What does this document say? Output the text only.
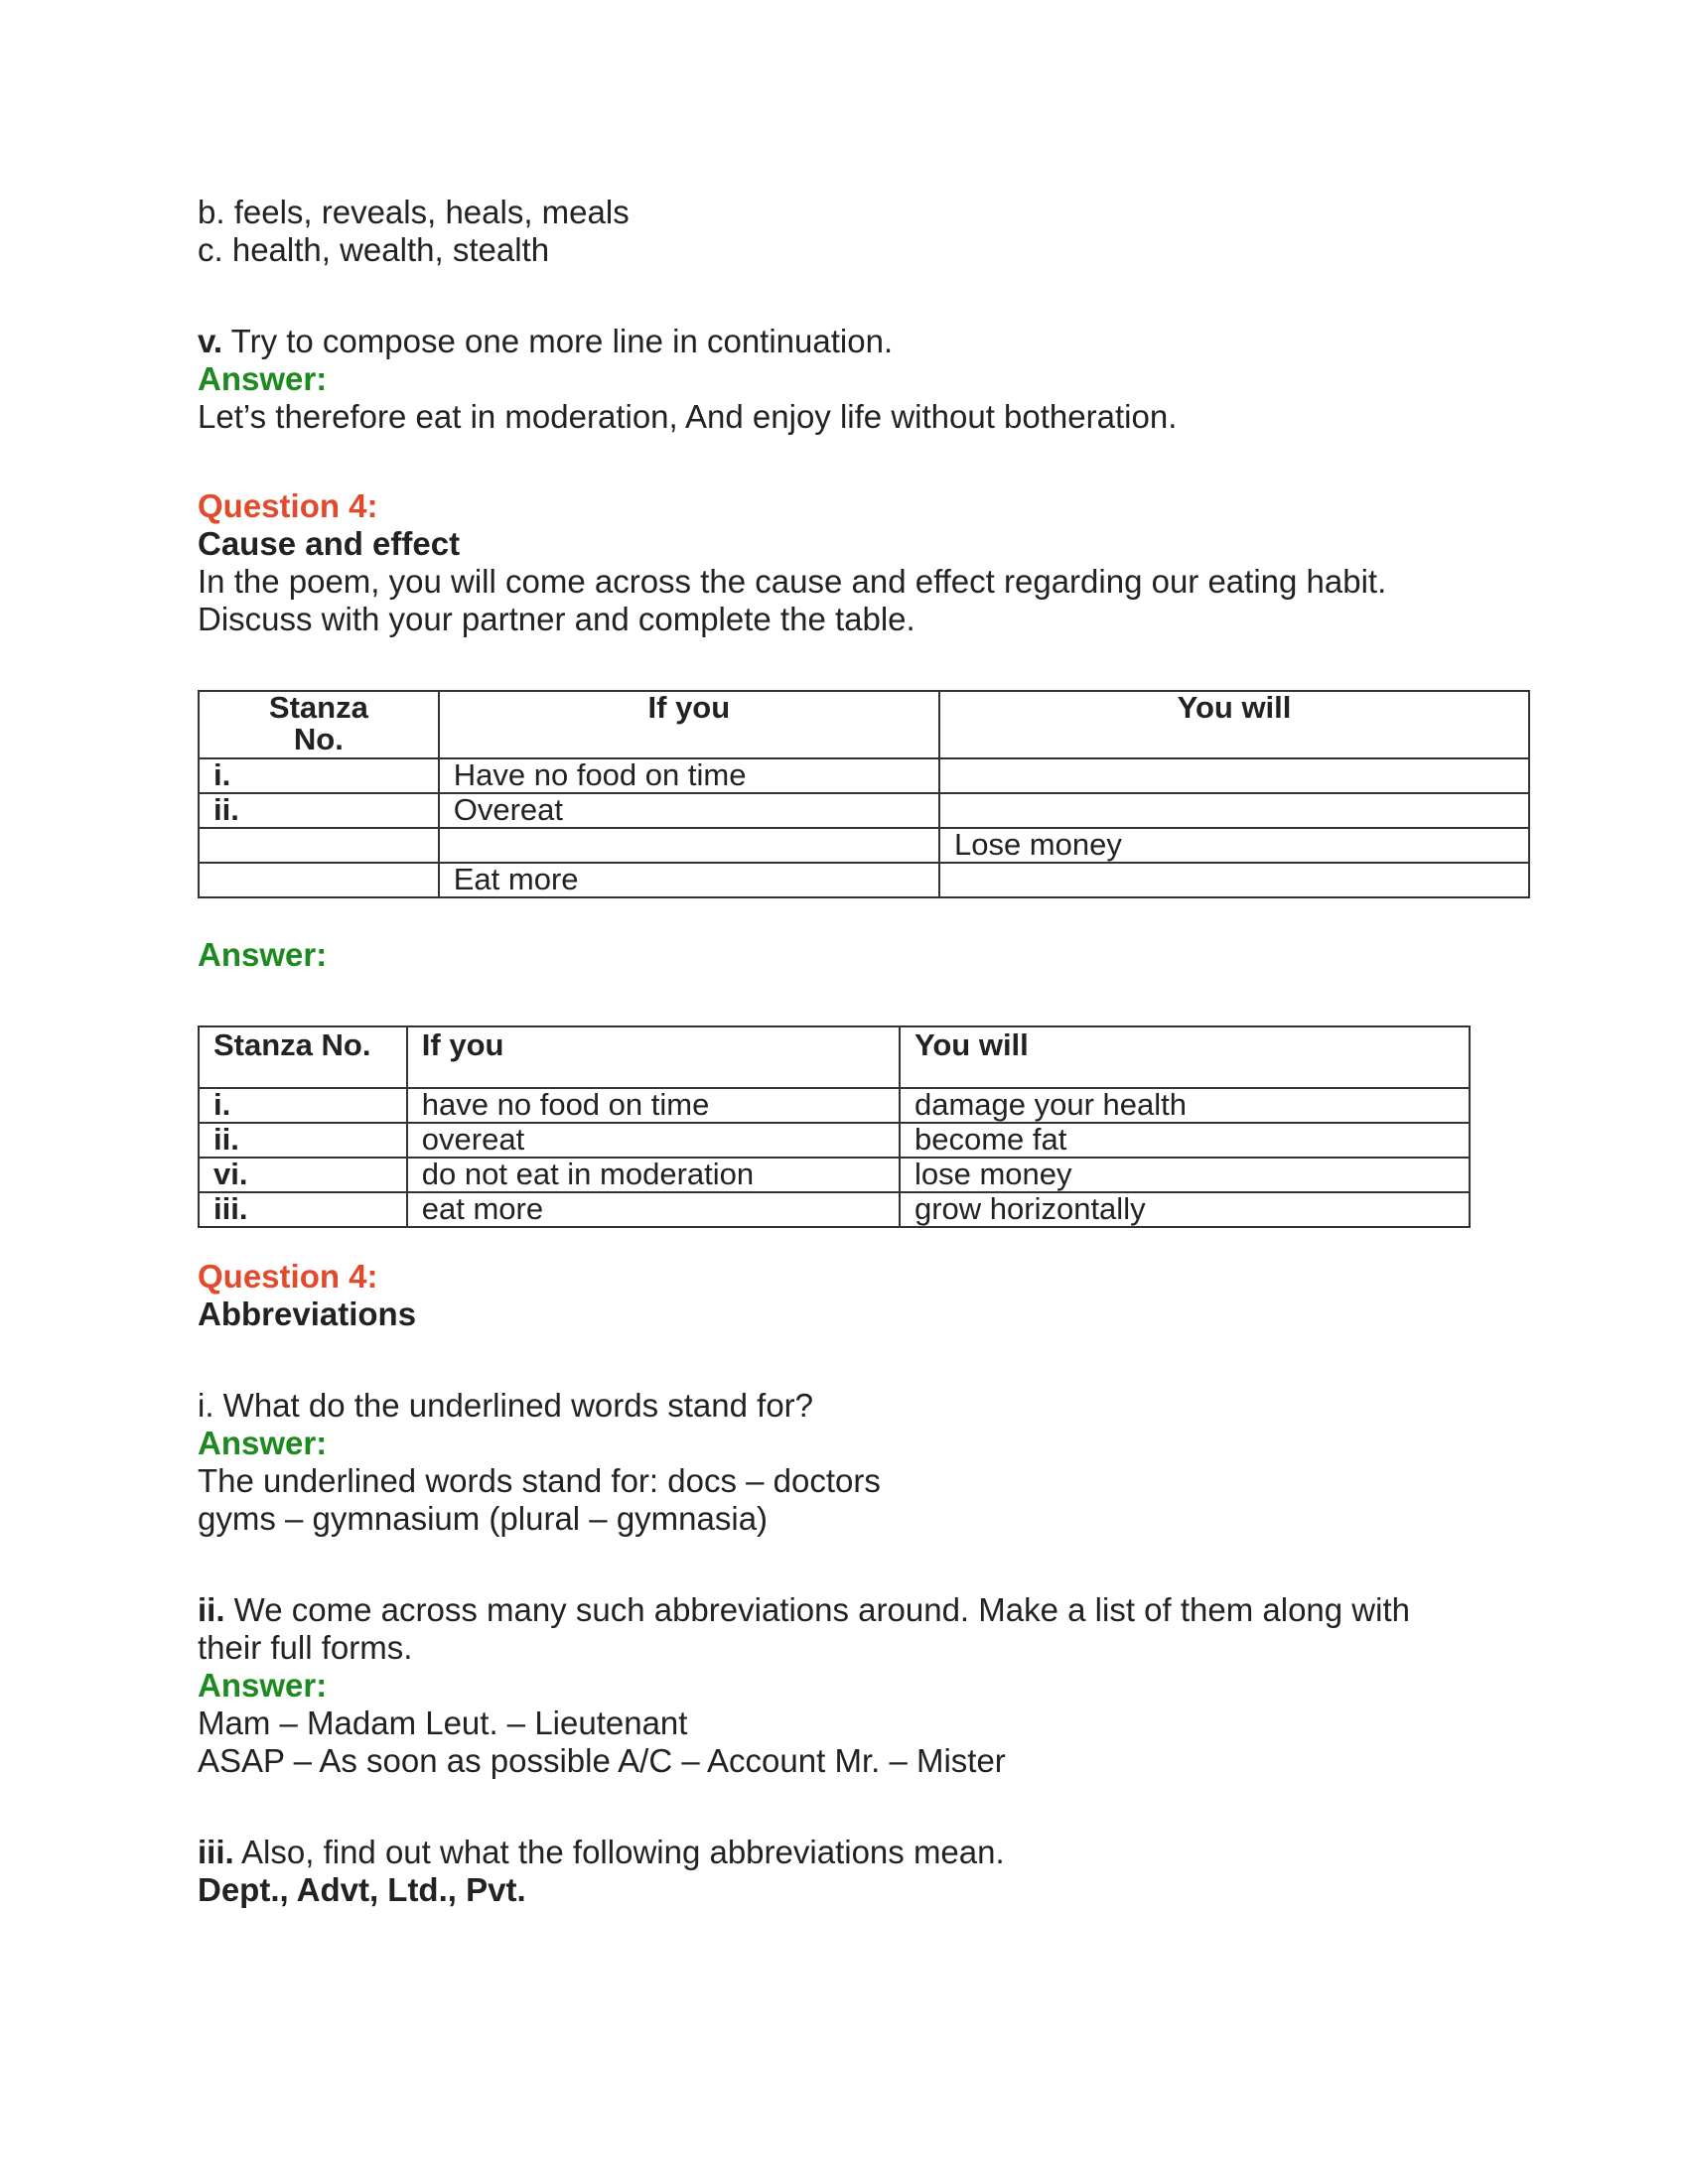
b. feels, reveals, heals, meals

c. health, wealth, stealth

v. Try to compose one more line in continuation.

Answer:

Let’s therefore eat in moderation, And enjoy life without botheration.

Question 4:

Cause and effect

In the poem, you will come across the cause and effect regarding our eating habit.

Discuss with your partner and complete the table.

Stanza
No.	If you	You will
i.	Have no food on time	
ii.	Overeat	
		Lose money
	Eat more	

Answer:

Stanza No.	If you	You will
i.	have no food on time	damage your health
ii.	overeat	become fat
vi.	do not eat in moderation	lose money
iii.	eat more	grow horizontally

Question 4:

Abbreviations

i. What do the underlined words stand for?

Answer:

The underlined words stand for: docs – doctors

gyms – gymnasium (plural – gymnasia)

ii. We come across many such abbreviations around. Make a list of them along with

their full forms.

Answer:

Mam – Madam Leut. – Lieutenant

ASAP – As soon as possible A/C – Account Mr. – Mister

iii. Also, find out what the following abbreviations mean.

Dept., Advt, Ltd., Pvt.
